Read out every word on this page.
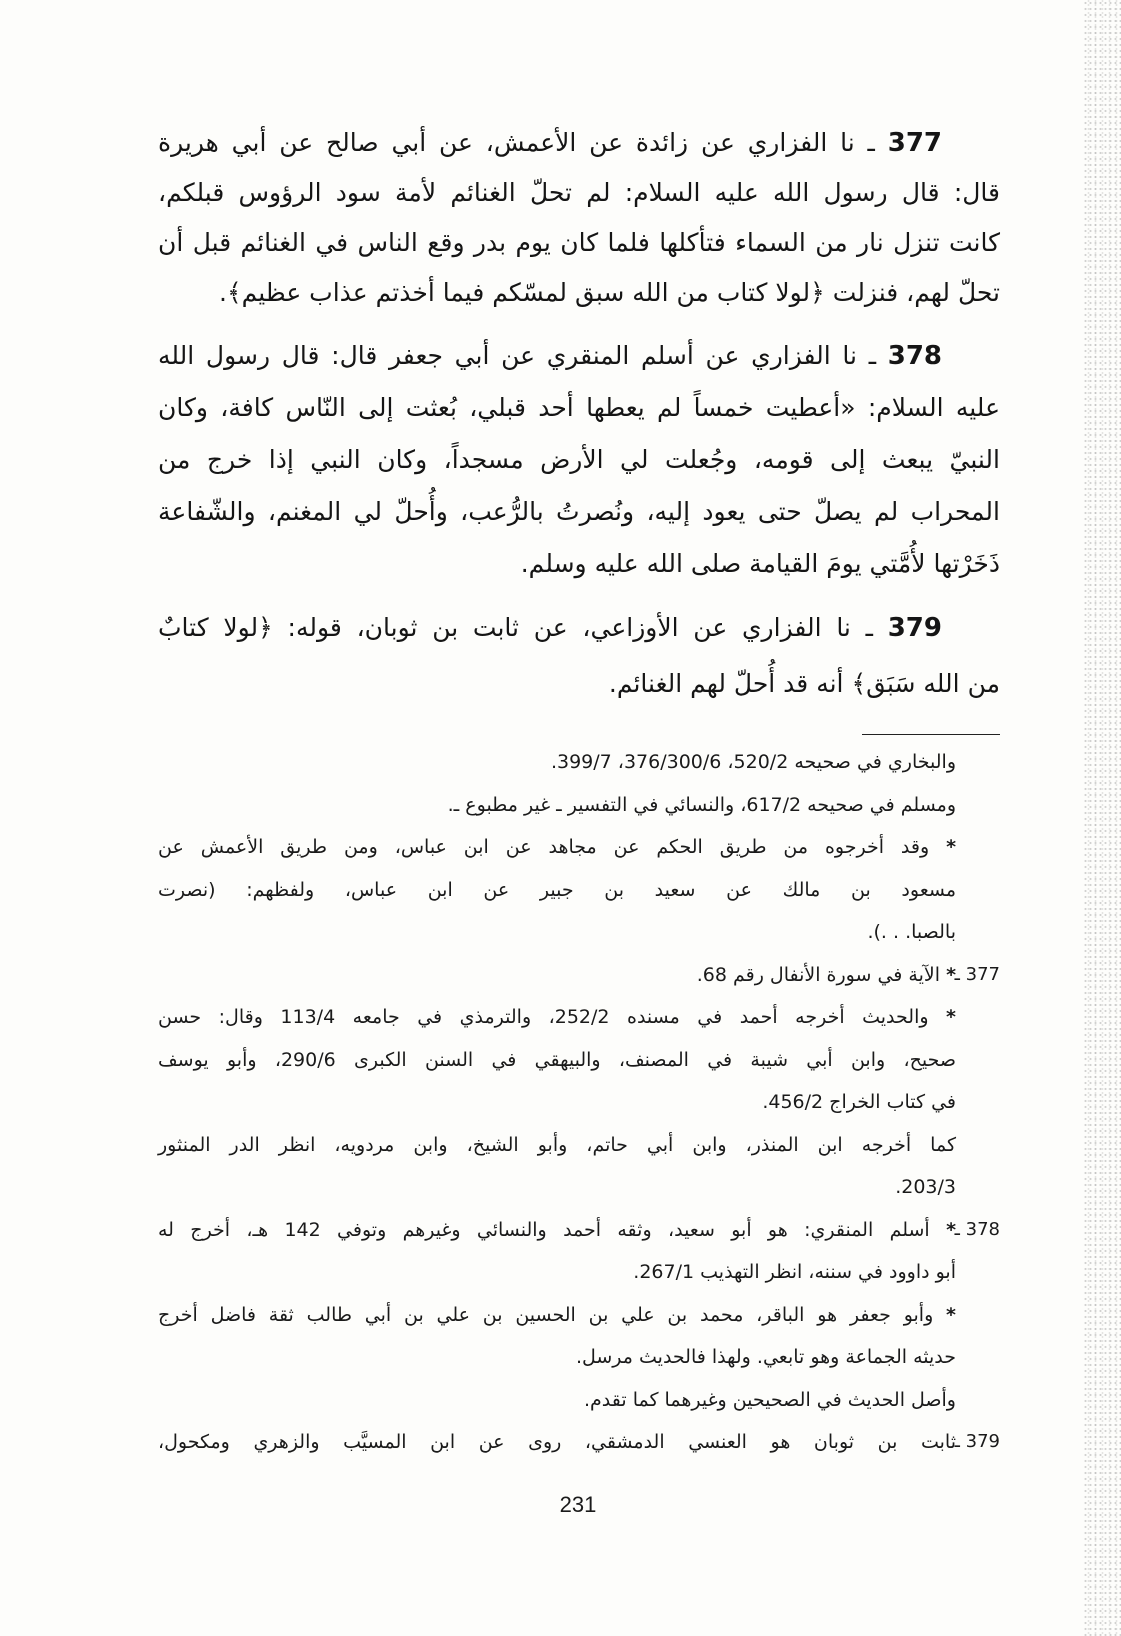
377 ـ نا الفزاري عن زائدة عن الأعمش، عن أبي صالح عن أبي هريرة
قال: قال رسول الله عليه السلام: لم تحلّ الغنائم لأمة سود الرؤوس قبلكم،
كانت تنزل نار من السماء فتأكلها فلما كان يوم بدر وقع الناس في الغنائم قبل أن
تحلّ لهم، فنزلت ﴿لولا كتاب من الله سبق لمسّكم فيما أخذتم عذاب عظيم﴾.
378 ـ نا الفزاري عن أسلم المنقري عن أبي جعفر قال: قال رسول الله
عليه السلام: «أعطيت خمساً لم يعطها أحد قبلي، بُعثت إلى النّاس كافة، وكان
النبيّ يبعث إلى قومه، وجُعلت لي الأرض مسجداً، وكان النبي إذا خرج من
المحراب لم يصلّ حتى يعود إليه، ونُصرتُ بالرُّعب، وأُحلّ لي المغنم، والشّفاعة
ذَخَرْتها لأُمَّتي يومَ القيامة صلى الله عليه وسلم.
379 ـ نا الفزاري عن الأوزاعي، عن ثابت بن ثوبان، قوله: ﴿لولا كتابٌ
من الله سَبَق﴾ أنه قد أُحلّ لهم الغنائم.
والبخاري في صحيحه 520/2، 376/300/6، 399/7.
ومسلم في صحيحه 617/2، والنسائي في التفسير ـ غير مطبوع ـ.
* وقد أخرجوه من طريق الحكم عن مجاهد عن ابن عباس، ومن طريق الأعمش عن
مسعود بن مالك عن سعيد بن جبير عن ابن عباس، ولفظهم: (نصرت
بالصبا. . .).
377 ـ
* الآية في سورة الأنفال رقم 68.
* والحديث أخرجه أحمد في مسنده 252/2، والترمذي في جامعه 113/4 وقال: حسن
صحيح، وابن أبي شيبة في المصنف، والبيهقي في السنن الكبرى 290/6، وأبو يوسف
في كتاب الخراج 456/2.
كما أخرجه ابن المنذر، وابن أبي حاتم، وأبو الشيخ، وابن مردويه، انظر الدر المنثور
203/3.
378 ـ
* أسلم المنقري: هو أبو سعيد، وثقه أحمد والنسائي وغيرهم وتوفي 142 هـ، أخرج له
أبو داوود في سننه، انظر التهذيب 267/1.
* وأبو جعفر هو الباقر، محمد بن علي بن الحسين بن علي بن أبي طالب ثقة فاضل أخرج
حديثه الجماعة وهو تابعي. ولهذا فالحديث مرسل.
وأصل الحديث في الصحيحين وغيرهما كما تقدم.
379 ـ
ثابت بن ثوبان هو العنسي الدمشقي، روى عن ابن المسيَّب والزهري ومكحول،
231
